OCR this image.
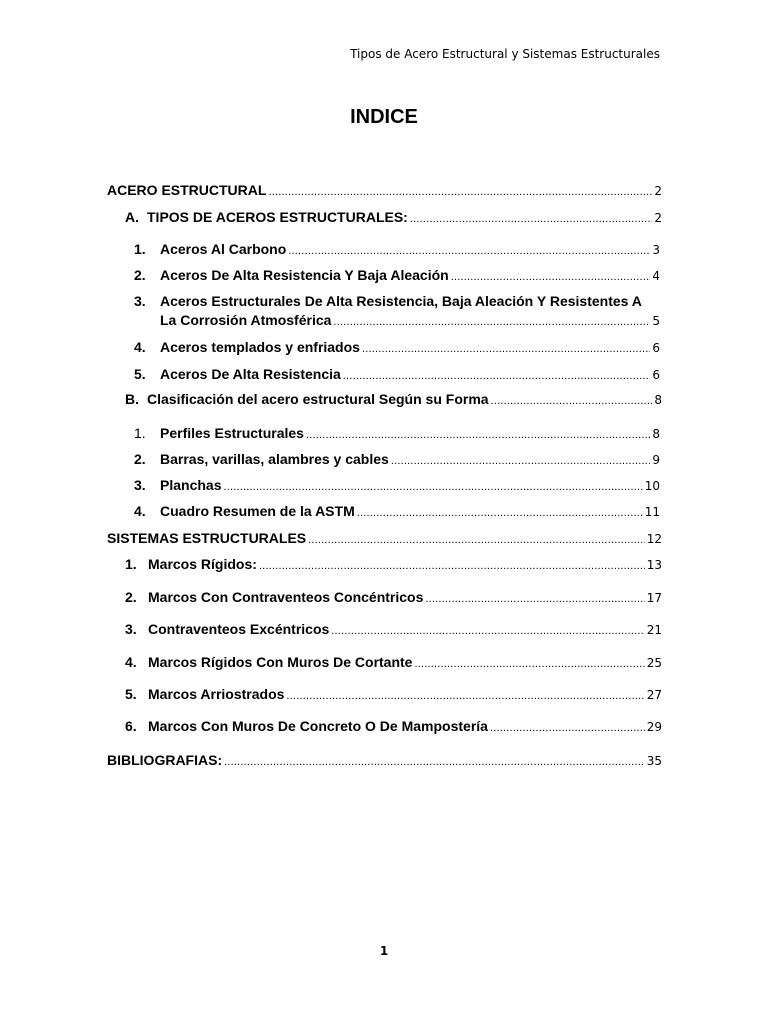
Tipos de Acero Estructural y Sistemas Estructurales
INDICE
ACERO ESTRUCTURAL .....	2
A. TIPOS DE ACEROS ESTRUCTURALES: .....	2
1.	Aceros Al Carbono .....	3
2.	Aceros De Alta Resistencia Y Baja Aleación .....	4
3. Aceros Estructurales De Alta Resistencia, Baja Aleación Y Resistentes A
La Corrosión Atmosférica .....	5
4.	Aceros templados y enfriados .....	6
5.	Aceros De Alta Resistencia .....	6
B. Clasificación del acero estructural Según su Forma .....	8
1.	Perfiles Estructurales .....	8
2.	Barras, varillas, alambres y cables .....	9
3.	Planchas .....	10
4.	Cuadro Resumen de la ASTM .....	11
SISTEMAS ESTRUCTURALES .....	12
1. Marcos Rígidos: .....	13
2. Marcos Con Contraventeos Concéntricos .....	17
3. Contraventeos Excéntricos .....	21
4. Marcos Rígidos Con Muros De Cortante .....	25
5. Marcos Arriostrados .....	27
6. Marcos Con Muros De Concreto O De Mampostería .....	29
BIBLIOGRAFIAS: .....	35
1
